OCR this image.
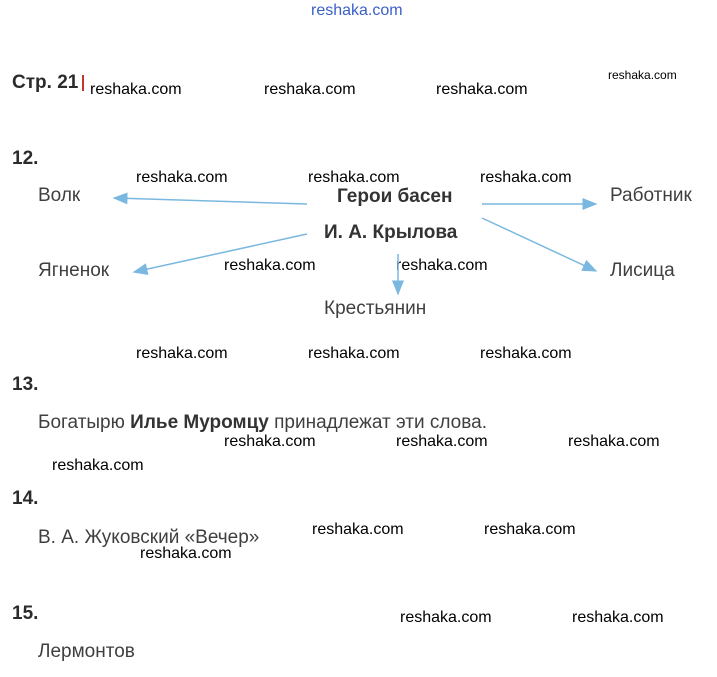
reshaka.com
Стр. 21 reshaka.com	reshaka.com	reshaka.com
reshaka.com
12.
reshaka.com	reshaka.com	reshaka.com
Волк	Герои басен	Работник
И. А. Крылова
reshaka.com	reshaka.com
Ягненок	Лисица
Крестьянин
reshaka.com	reshaka.com	reshaka.com
13.
Богатырю Илье Муромцу принадлежат эти слова.
reshaka.com	reshaka.com	reshaka.com
reshaka.com
14.
В. А. Жуковский «Вечер»	reshaka.com	reshaka.com
reshaka.com
15.	reshaka.com	reshaka.com
Лермонтов
